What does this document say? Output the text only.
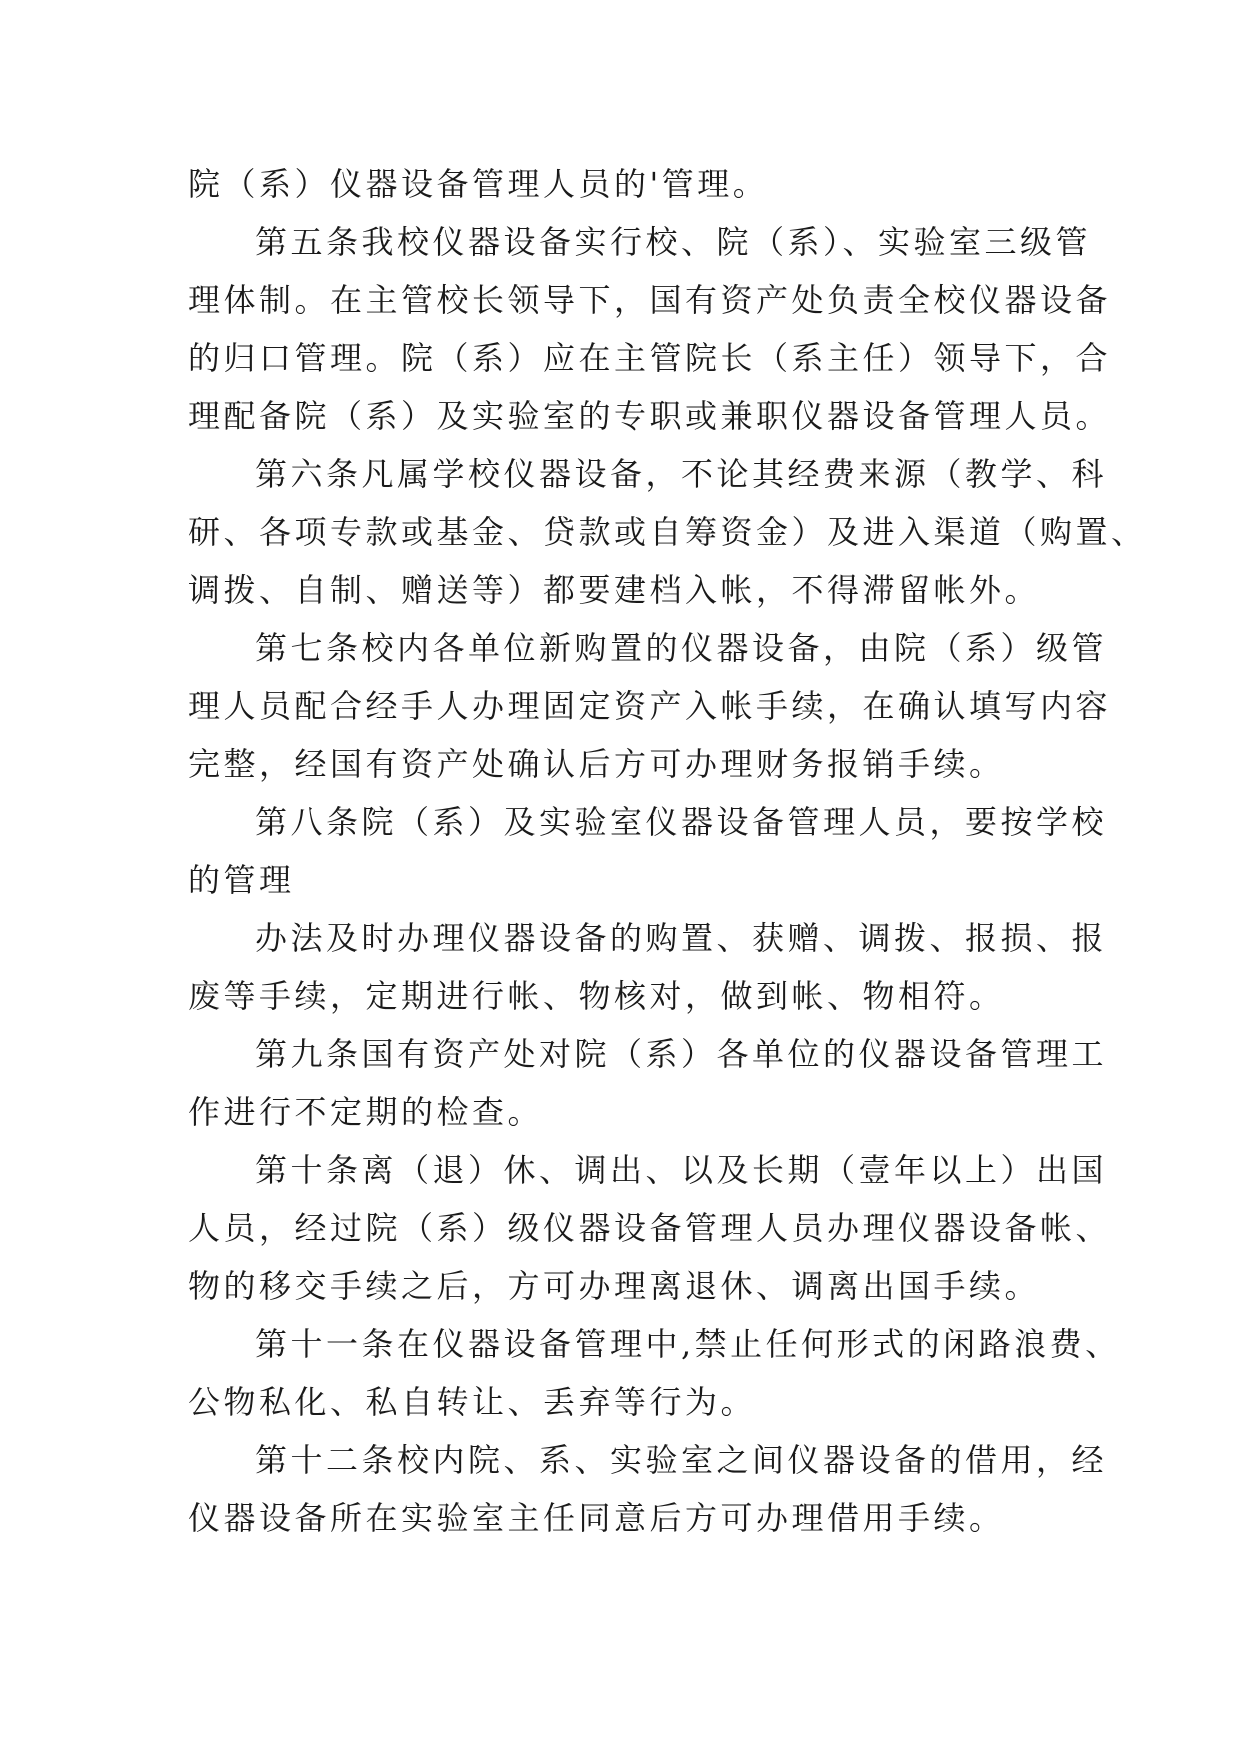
院（系）仪器设备管理人员的'管理。
第五条我校仪器设备实行校、院（系）、实验室三级管
理体制。在主管校长领导下，国有资产处负责全校仪器设备
的归口管理。院（系）应在主管院长（系主任）领导下，合
理配备院（系）及实验室的专职或兼职仪器设备管理人员。
第六条凡属学校仪器设备，不论其经费来源（教学、科
研、各项专款或基金、贷款或自筹资金）及进入渠道（购置、
调拨、自制、赠送等）都要建档入帐，不得滞留帐外。
第七条校内各单位新购置的仪器设备，由院（系）级管
理人员配合经手人办理固定资产入帐手续，在确认填写内容
完整，经国有资产处确认后方可办理财务报销手续。
第八条院（系）及实验室仪器设备管理人员，要按学校
的管理
办法及时办理仪器设备的购置、获赠、调拨、报损、报
废等手续，定期进行帐、物核对，做到帐、物相符。
第九条国有资产处对院（系）各单位的仪器设备管理工
作进行不定期的检查。
第十条离（退）休、调出、以及长期（壹年以上）出国
人员，经过院（系）级仪器设备管理人员办理仪器设备帐、
物的移交手续之后，方可办理离退休、调离出国手续。
第十一条在仪器设备管理中,禁止任何形式的闲路浪费、
公物私化、私自转让、丢弃等行为。
第十二条校内院、系、实验室之间仪器设备的借用，经
仪器设备所在实验室主任同意后方可办理借用手续。
